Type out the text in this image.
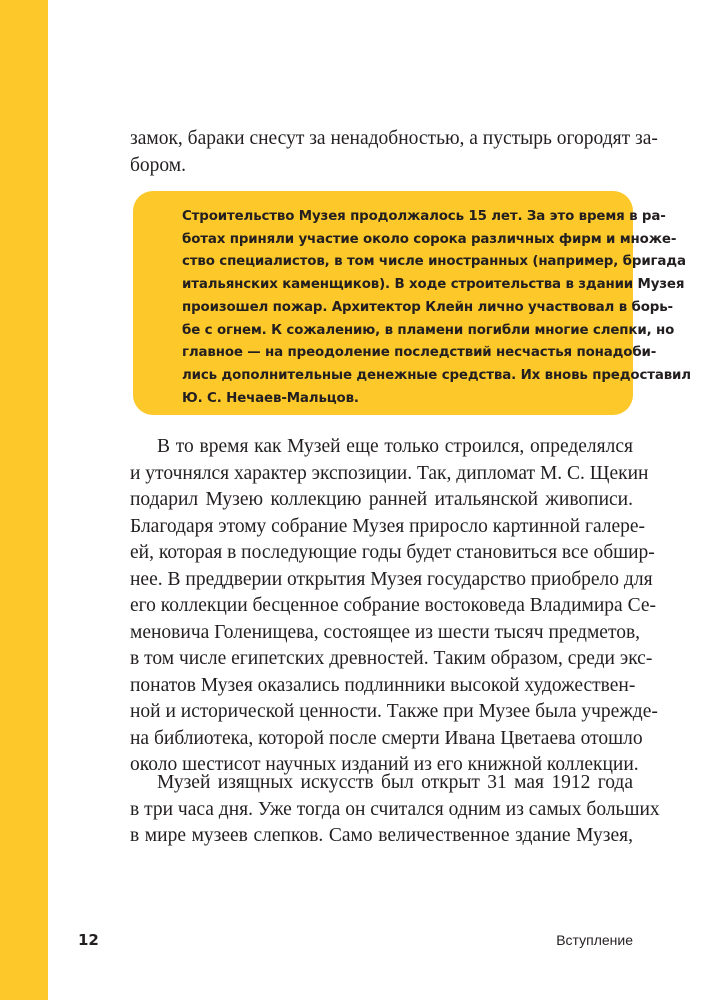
замок, бараки снесут за ненадобностью, а пустырь огородят за-
бором.
Строительство Музея продолжалось 15 лет. За это время в ра-
ботах приняли участие около сорока различных фирм и множе-
ство специалистов, в том числе иностранных (например, бригада
итальянских каменщиков). В ходе строительства в здании Музея
произошел пожар. Архитектор Клейн лично участвовал в борь-
бе с огнем. К сожалению, в пламени погибли многие слепки, но
главное — на преодоление последствий несчастья понадоби-
лись дополнительные денежные средства. Их вновь предоставил
Ю. С. Нечаев-Мальцов.
В то время как Музей еще только строился, определялся
и уточнялся характер экспозиции. Так, дипломат М. С. Щекин
подарил Музею коллекцию ранней итальянской живописи.
Благодаря этому собрание Музея приросло картинной галере-
ей, которая в последующие годы будет становиться все обшир-
нее. В преддверии открытия Музея государство приобрело для
его коллекции бесценное собрание востоковеда Владимира Се-
меновича Голенищева, состоящее из шести тысяч предметов,
в том числе египетских древностей. Таким образом, среди экс-
понатов Музея оказались подлинники высокой художествен-
ной и исторической ценности. Также при Музее была учрежде-
на библиотека, которой после смерти Ивана Цветаева отошло
около шестисот научных изданий из его книжной коллекции.
Музей изящных искусств был открыт 31 мая 1912 года
в три часа дня. Уже тогда он считался одним из самых больших
в мире музеев слепков. Само величественное здание Музея,
12	Вступление
